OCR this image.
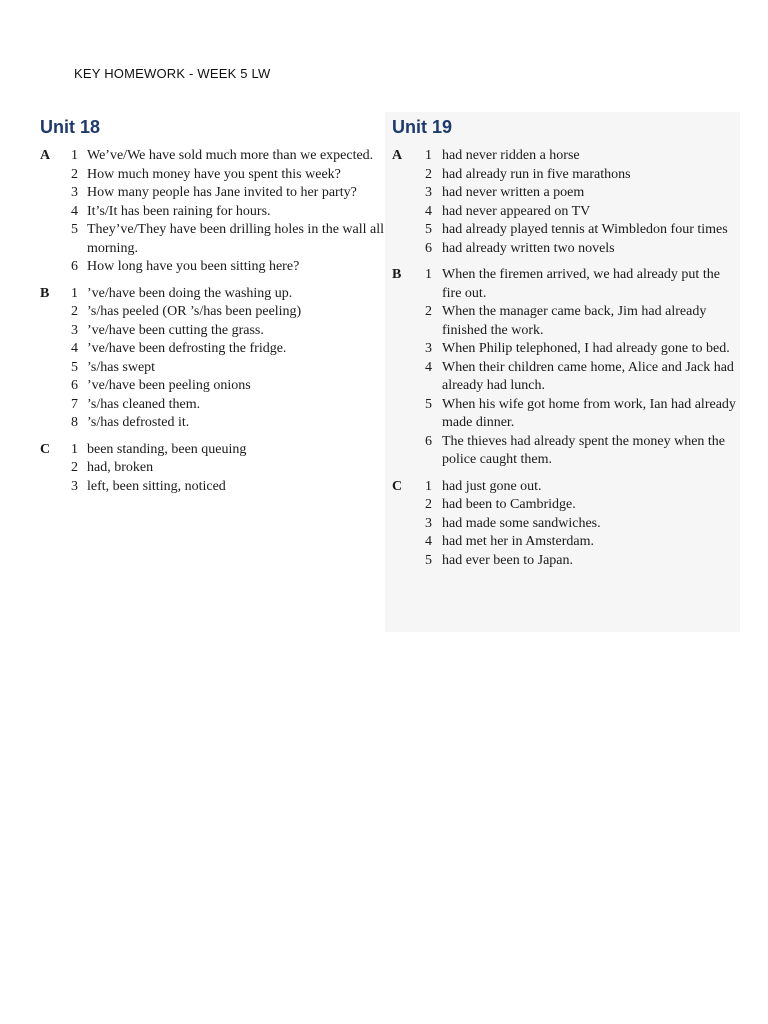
KEY HOMEWORK - WEEK 5 LW
Unit 18
A	1 We’ve/We have sold much more than we expected.
2 How much money have you spent this week?
3 How many people has Jane invited to her party?
4 It’s/It has been raining for hours.
5 They’ve/They have been drilling holes in the wall all morning.
6 How long have you been sitting here?
B	1 ’ve/have been doing the washing up.
2 ’s/has peeled (OR ’s/has been peeling)
3 ’ve/have been cutting the grass.
4 ’ve/have been defrosting the fridge.
5 ’s/has swept
6 ’ve/have been peeling onions
7 ’s/has cleaned them.
8 ’s/has defrosted it.
C	1 been standing, been queuing
2 had, broken
3 left, been sitting, noticed
Unit 19
A	1 had never ridden a horse
2 had already run in five marathons
3 had never written a poem
4 had never appeared on TV
5 had already played tennis at Wimbledon four times
6 had already written two novels
B	1 When the firemen arrived, we had already put the fire out.
2 When the manager came back, Jim had already finished the work.
3 When Philip telephoned, I had already gone to bed.
4 When their children came home, Alice and Jack had already had lunch.
5 When his wife got home from work, Ian had already made dinner.
6 The thieves had already spent the money when the police caught them.
C	1 had just gone out.
2 had been to Cambridge.
3 had made some sandwiches.
4 had met her in Amsterdam.
5 had ever been to Japan.
